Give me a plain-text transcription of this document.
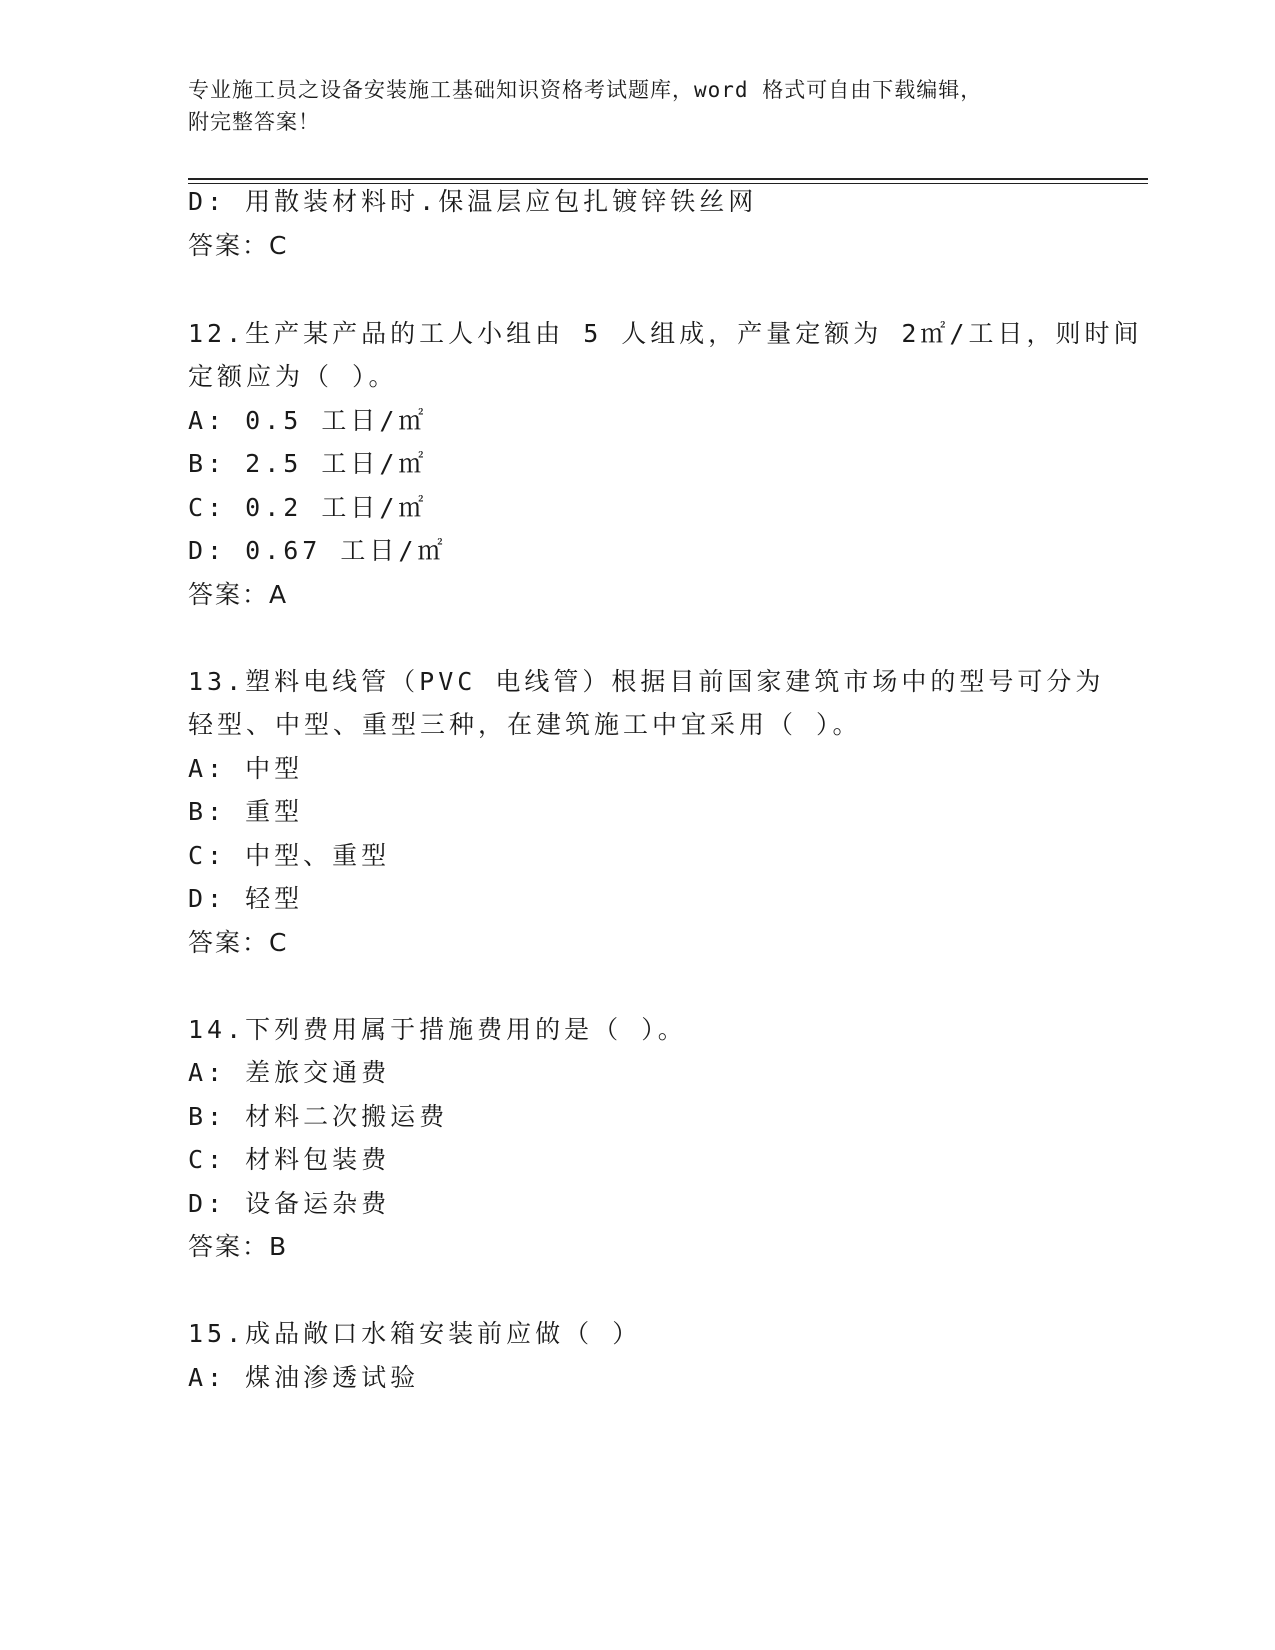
专业施工员之设备安装施工基础知识资格考试题库，word 格式可自由下载编辑，
附完整答案！
D: 用散装材料时.保温层应包扎镀锌铁丝网
答案：C
12.生产某产品的工人小组由 5 人组成，产量定额为 2㎡/工日，则时间
定额应为（ ）。
A: 0.5 工日/㎡
B: 2.5 工日/㎡
C: 0.2 工日/㎡
D: 0.67 工日/㎡
答案：A
13.塑料电线管（PVC 电线管）根据目前国家建筑市场中的型号可分为
轻型、中型、重型三种，在建筑施工中宜采用（ ）。
A: 中型
B: 重型
C: 中型、重型
D: 轻型
答案：C
14.下列费用属于措施费用的是（ ）。
A: 差旅交通费
B: 材料二次搬运费
C: 材料包装费
D: 设备运杂费
答案：B
15.成品敞口水箱安装前应做（ ）
A: 煤油渗透试验
